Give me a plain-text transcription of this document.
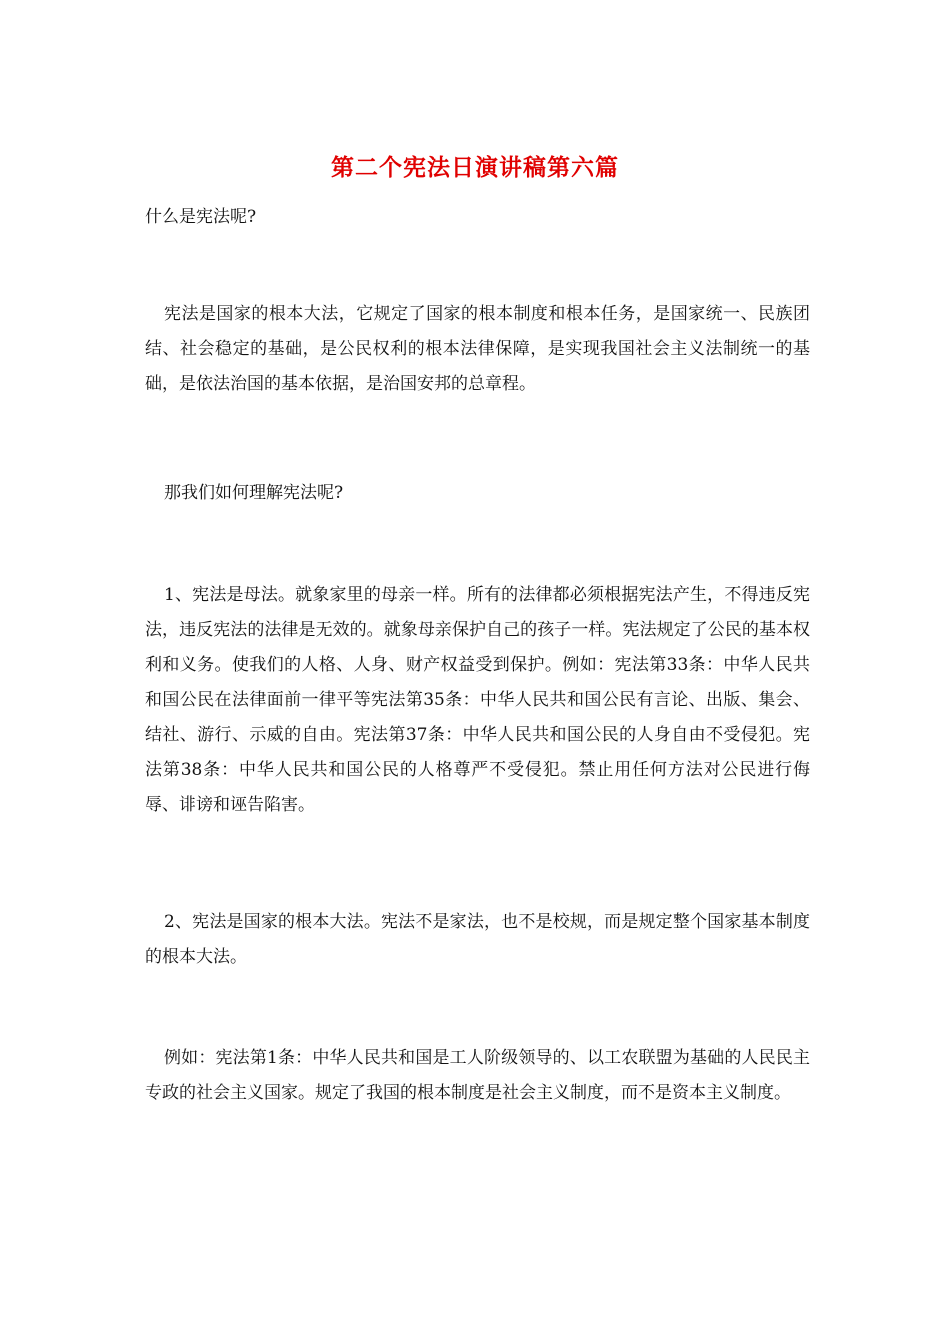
第二个宪法日演讲稿第六篇

什么是宪法呢?

宪法是国家的根本大法，它规定了国家的根本制度和根本任务，是国家统一、民族团结、社会稳定的基础，是公民权利的根本法律保障，是实现我国社会主义法制统一的基础，是依法治国的基本依据，是治国安邦的总章程。

那我们如何理解宪法呢?

1、宪法是母法。就象家里的母亲一样。所有的法律都必须根据宪法产生，不得违反宪法，违反宪法的法律是无效的。就象母亲保护自己的孩子一样。宪法规定了公民的基本权利和义务。使我们的人格、人身、财产权益受到保护。例如：宪法第33条：中华人民共和国公民在法律面前一律平等宪法第35条：中华人民共和国公民有言论、出版、集会、结社、游行、示威的自由。宪法第37条：中华人民共和国公民的人身自由不受侵犯。宪法第38条：中华人民共和国公民的人格尊严不受侵犯。禁止用任何方法对公民进行侮辱、诽谤和诬告陷害。

2、宪法是国家的根本大法。宪法不是家法，也不是校规，而是规定整个国家基本制度的根本大法。

例如：宪法第1条：中华人民共和国是工人阶级领导的、以工农联盟为基础的人民民主专政的社会主义国家。规定了我国的根本制度是社会主义制度，而不是资本主义制度。
